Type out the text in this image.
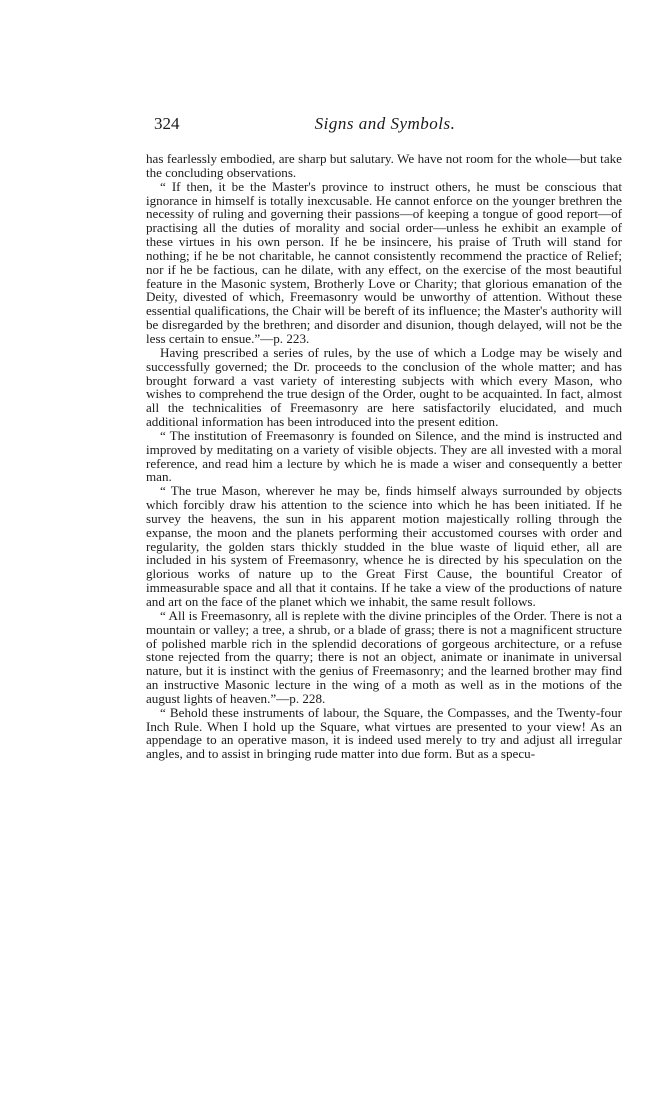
324	Signs and Symbols.

has fearlessly embodied, are sharp but salutary. We have not room for the whole—but take the concluding observations.

“ If then, it be the Master's province to instruct others, he must be conscious that ignorance in himself is totally inexcusable. He cannot enforce on the younger brethren the necessity of ruling and governing their passions—of keeping a tongue of good report—of practising all the duties of morality and social order—unless he exhibit an example of these virtues in his own person. If he be insincere, his praise of Truth will stand for nothing; if he be not charitable, he cannot consistently recommend the practice of Relief; nor if he be factious, can he dilate, with any effect, on the exercise of the most beautiful feature in the Masonic system, Brotherly Love or Charity; that glorious emanation of the Deity, divested of which, Freemasonry would be unworthy of attention. Without these essential qualifications, the Chair will be bereft of its influence; the Master's authority will be disregarded by the brethren; and disorder and disunion, though delayed, will not be the less certain to ensue.”—p. 223.

Having prescribed a series of rules, by the use of which a Lodge may be wisely and successfully governed; the Dr. proceeds to the conclusion of the whole matter; and has brought forward a vast variety of interesting subjects with which every Mason, who wishes to comprehend the true design of the Order, ought to be acquainted. In fact, almost all the technicalities of Freemasonry are here satisfactorily elucidated, and much additional information has been introduced into the present edition.

“ The institution of Freemasonry is founded on Silence, and the mind is instructed and improved by meditating on a variety of visible objects. They are all invested with a moral reference, and read him a lecture by which he is made a wiser and consequently a better man.

“ The true Mason, wherever he may be, finds himself always surrounded by objects which forcibly draw his attention to the science into which he has been initiated. If he survey the heavens, the sun in his apparent motion majestically rolling through the expanse, the moon and the planets performing their accustomed courses with order and regularity, the golden stars thickly studded in the blue waste of liquid ether, all are included in his system of Freemasonry, whence he is directed by his speculation on the glorious works of nature up to the Great First Cause, the bountiful Creator of immeasurable space and all that it contains. If he take a view of the productions of nature and art on the face of the planet which we inhabit, the same result follows.

“ All is Freemasonry, all is replete with the divine principles of the Order. There is not a mountain or valley; a tree, a shrub, or a blade of grass; there is not a magnificent structure of polished marble rich in the splendid decorations of gorgeous architecture, or a refuse stone rejected from the quarry; there is not an object, animate or inanimate in universal nature, but it is instinct with the genius of Freemasonry; and the learned brother may find an instructive Masonic lecture in the wing of a moth as well as in the motions of the august lights of heaven.”—p. 228.

“ Behold these instruments of labour, the Square, the Compasses, and the Twenty-four Inch Rule. When I hold up the Square, what virtues are presented to your view! As an appendage to an operative mason, it is indeed used merely to try and adjust all irregular angles, and to assist in bringing rude matter into due form. But as a specu-
